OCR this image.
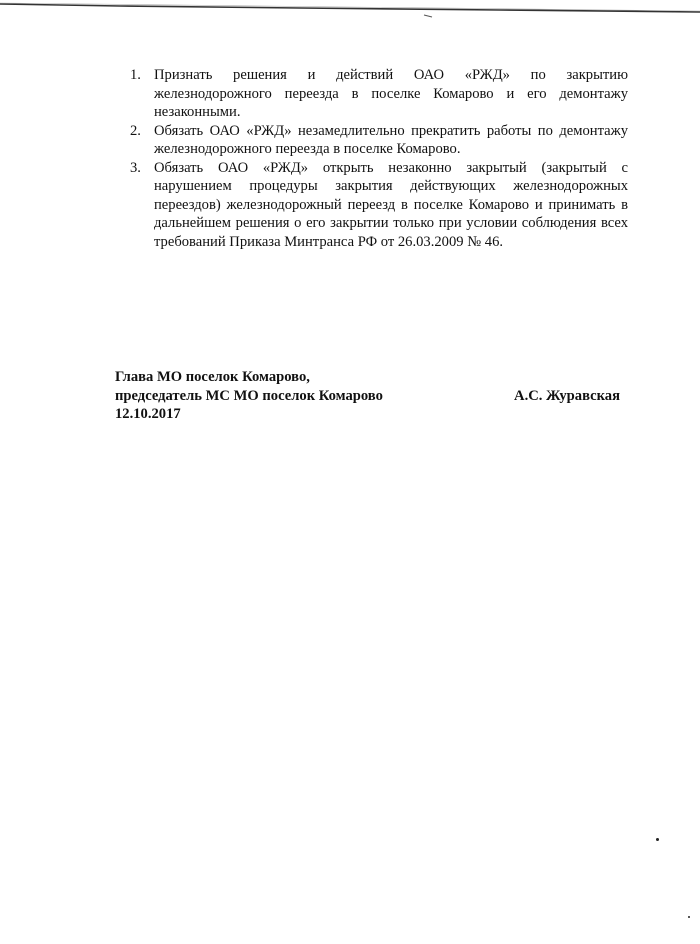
1. Признать решения и действий ОАО «РЖД» по закрытию железнодорожного переезда в поселке Комарово и его демонтажу незаконными.
2. Обязать ОАО «РЖД» незамедлительно прекратить работы по демонтажу железнодорожного переезда в поселке Комарово.
3. Обязать ОАО «РЖД» открыть незаконно закрытый (закрытый с нарушением процедуры закрытия действующих железнодорожных переездов) железнодорожный переезд в поселке Комарово и принимать в дальнейшем решения о его закрытии только при условии соблюдения всех требований Приказа Минтранса РФ от 26.03.2009 № 46.
Глава МО поселок Комарово,
председатель МС МО поселок Комарово	А.С. Журавская
12.10.2017
